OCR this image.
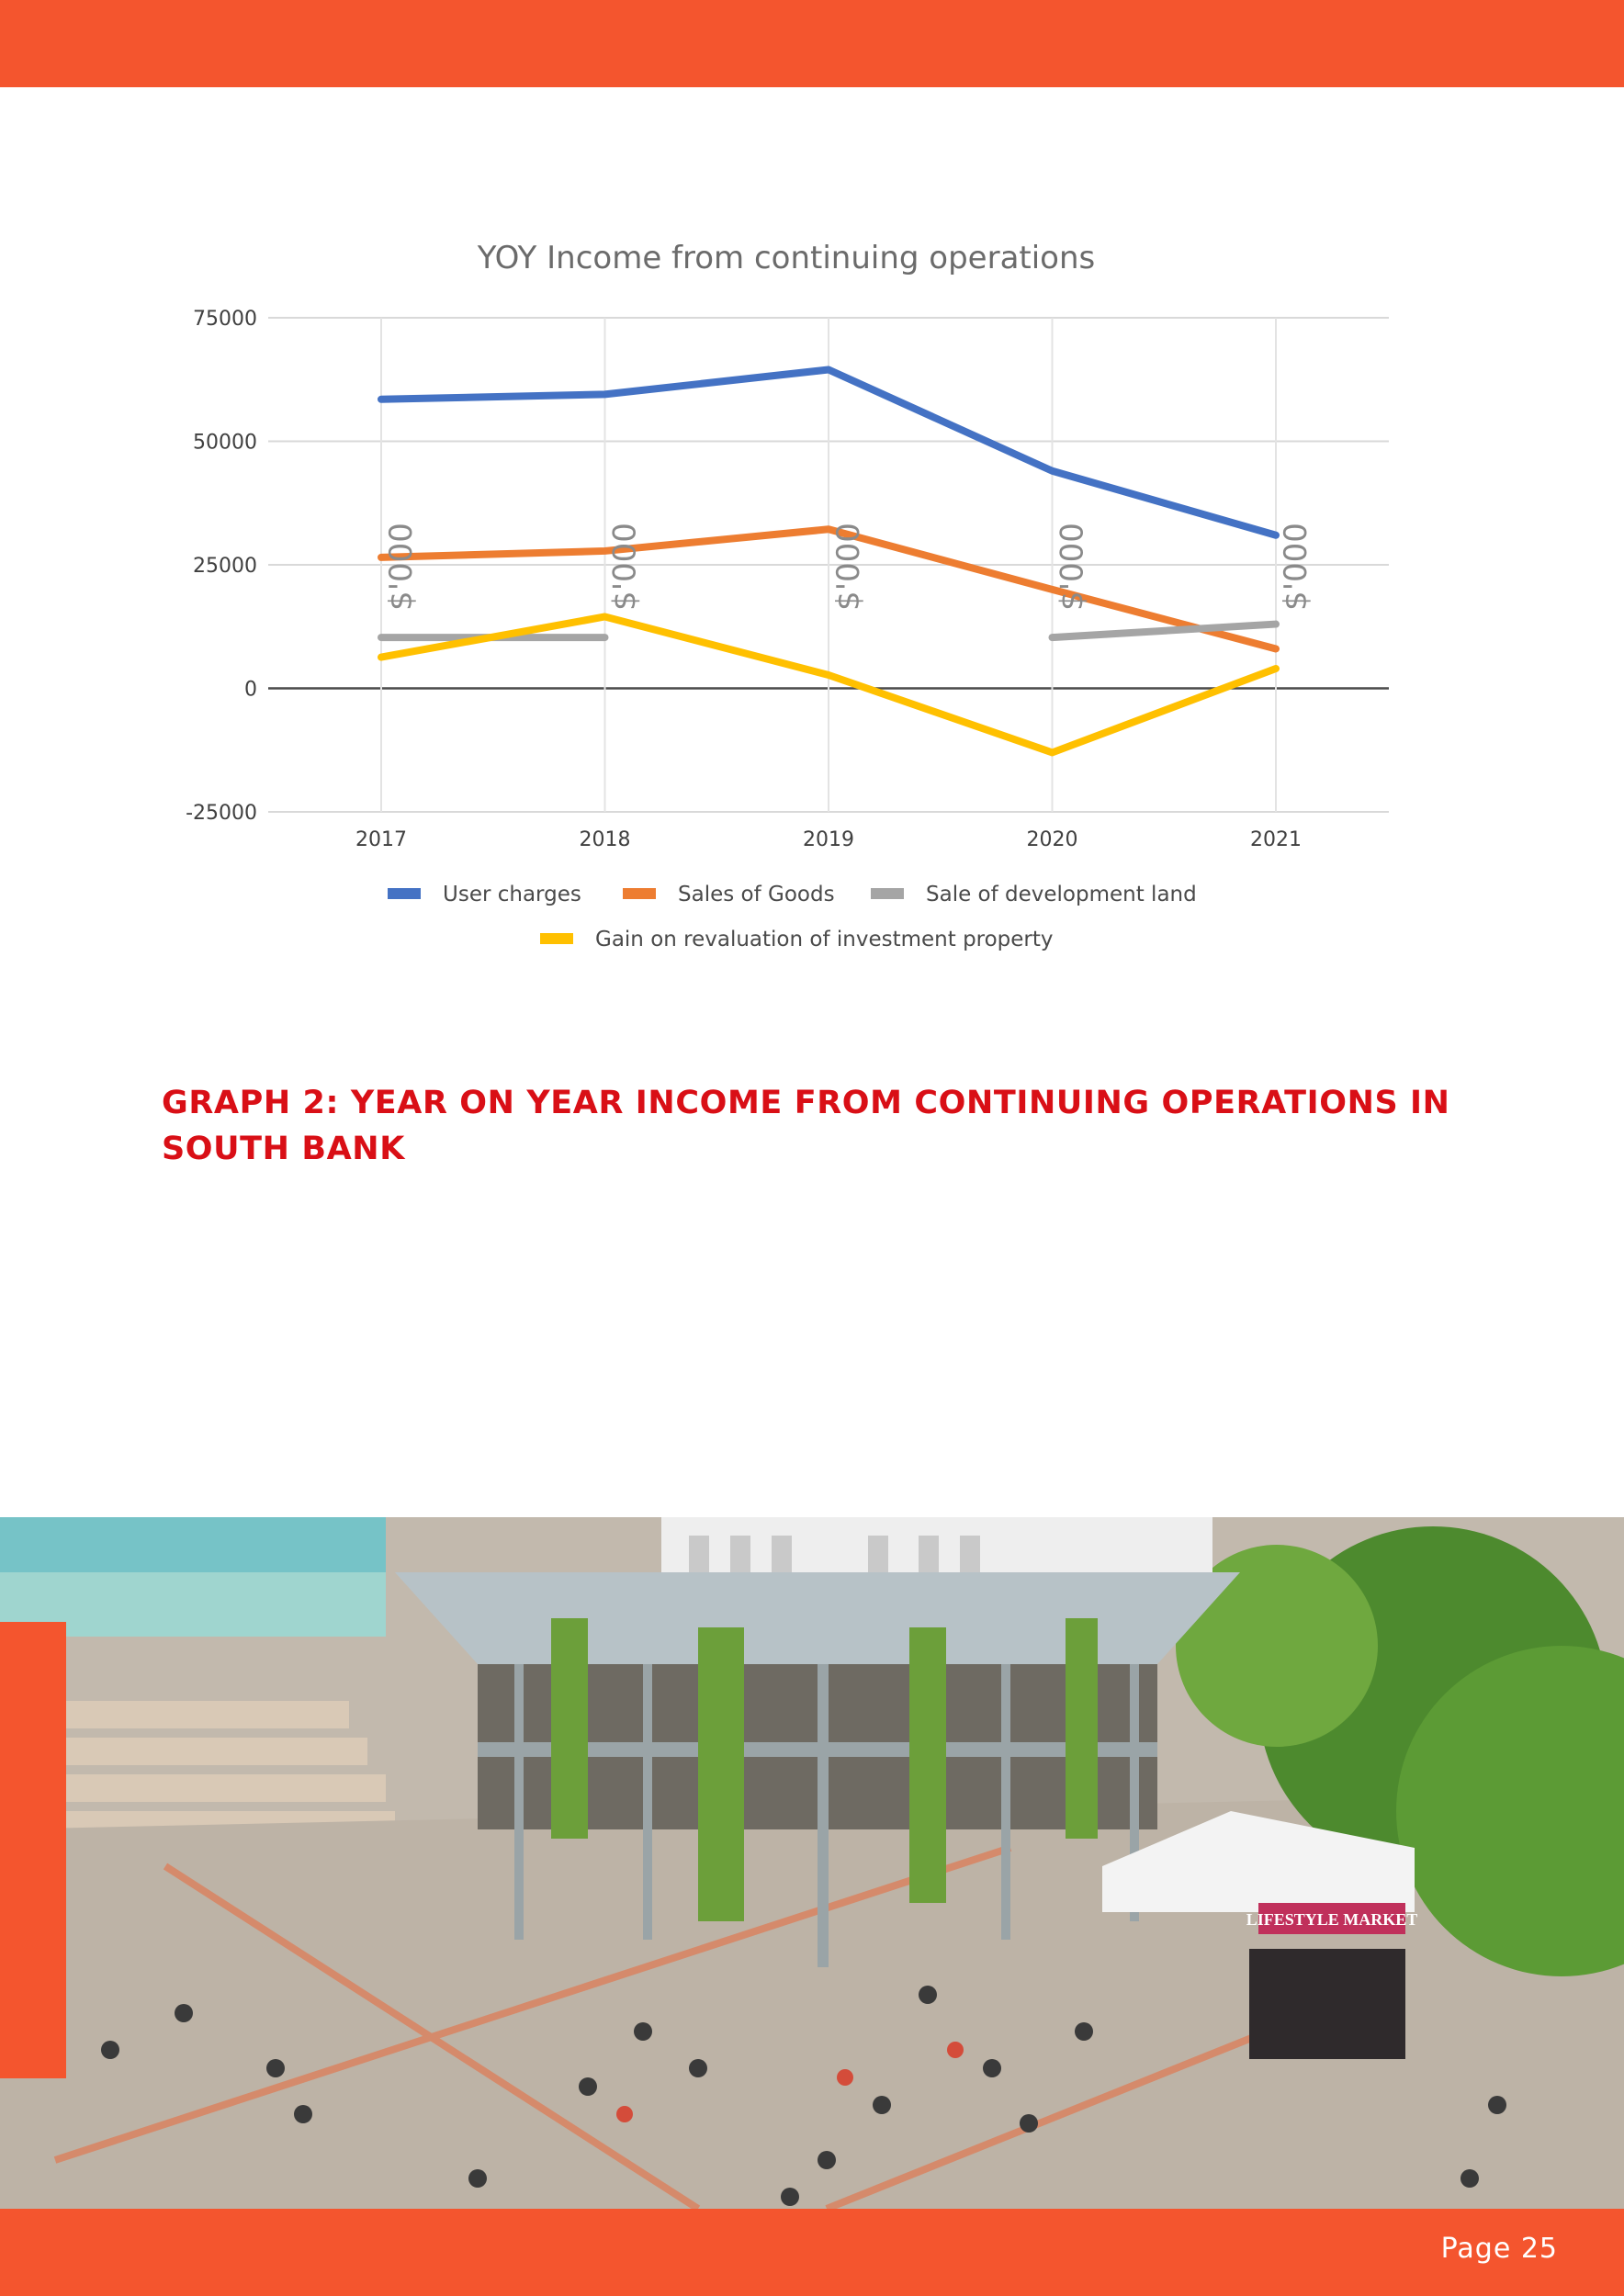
YOY Income from continuing operations
75000
50000
25000
0
-25000
2017	2018	2019	2020	2021
$'000	$'000	$'000	$'000	$'000
User charges	Sales of Goods	Sale of development land
Gain on revaluation of investment property
GRAPH 2: YEAR ON YEAR INCOME FROM CONTINUING OPERATIONS IN SOUTH BANK
LIFESTYLE MARKET
Page 25
